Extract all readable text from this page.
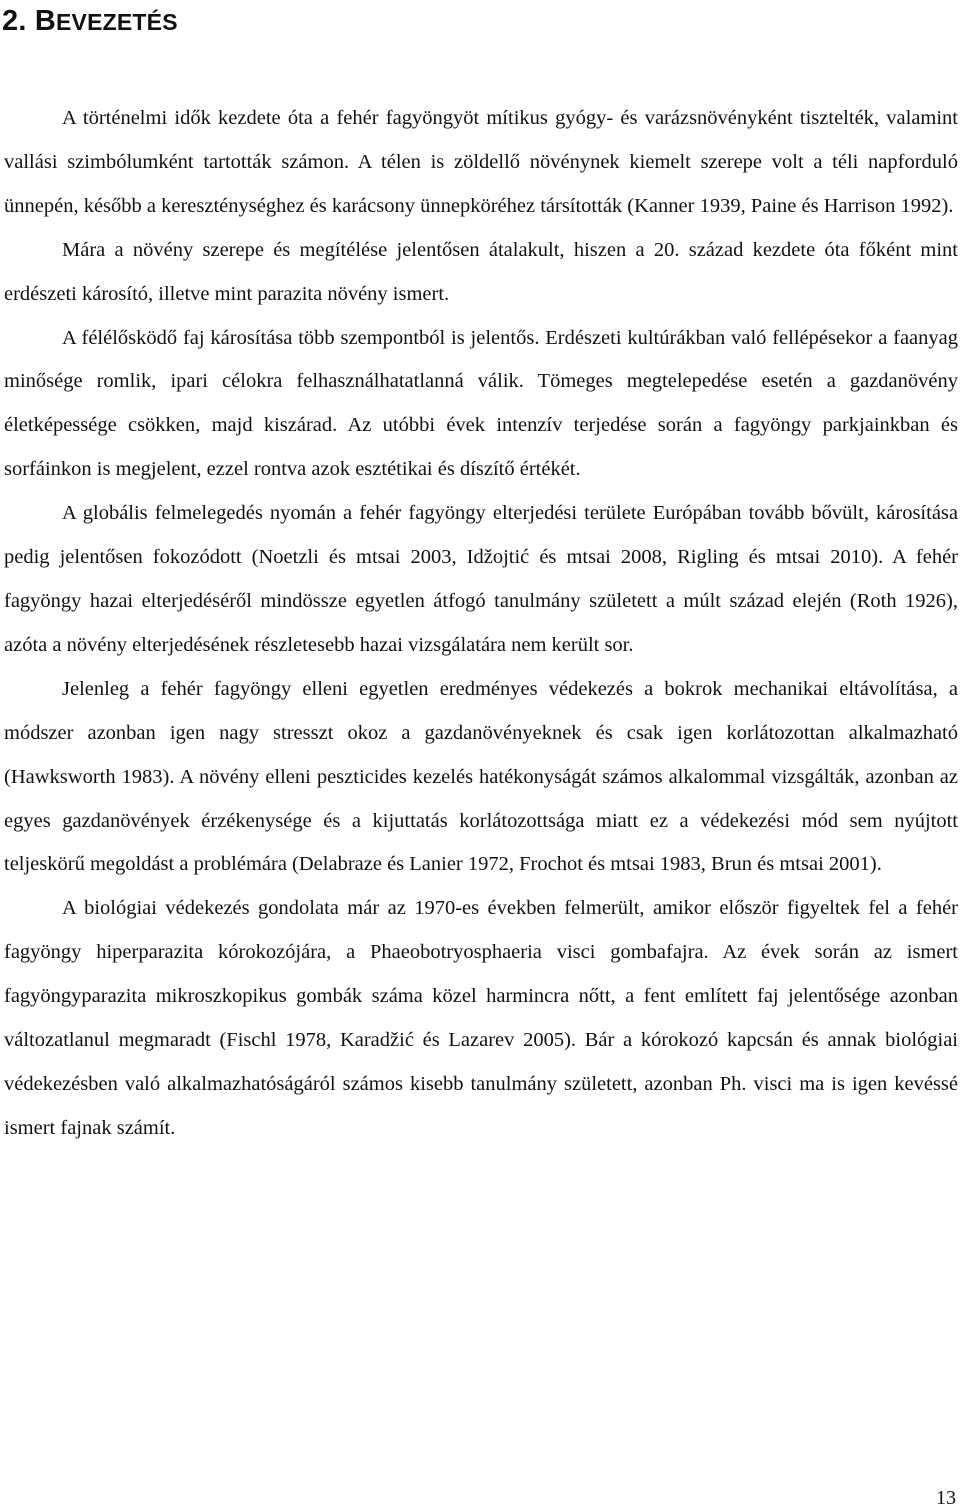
2. BEVEZETÉS

A történelmi idők kezdete óta a fehér fagyöngyöt mítikus gyógy- és varázsnövényként tisztelték, valamint vallási szimbólumként tartották számon. A télen is zöldellő növénynek kiemelt szerepe volt a téli napforduló ünnepén, később a kereszténységhez és karácsony ünnepköréhez társították (Kanner 1939, Paine és Harrison 1992).

Mára a növény szerepe és megítélése jelentősen átalakult, hiszen a 20. század kezdete óta főként mint erdészeti károsító, illetve mint parazita növény ismert.

A félélősködő faj károsítása több szempontból is jelentős. Erdészeti kultúrákban való fellépésekor a faanyag minősége romlik, ipari célokra felhasználhatatlanná válik. Tömeges megtelepedése esetén a gazdanövény életképessége csökken, majd kiszárad. Az utóbbi évek intenzív terjedése során a fagyöngy parkjainkban és sorfáinkon is megjelent, ezzel rontva azok esztétikai és díszítő értékét.

A globális felmelegedés nyomán a fehér fagyöngy elterjedési területe Európában tovább bővült, károsítása pedig jelentősen fokozódott (Noetzli és mtsai 2003, Idžojtić és mtsai 2008, Rigling és mtsai 2010). A fehér fagyöngy hazai elterjedéséről mindössze egyetlen átfogó tanulmány született a múlt század elején (Roth 1926), azóta a növény elterjedésének részletesebb hazai vizsgálatára nem került sor.

Jelenleg a fehér fagyöngy elleni egyetlen eredményes védekezés a bokrok mechanikai eltávolítása, a módszer azonban igen nagy stresszt okoz a gazdanövényeknek és csak igen korlátozottan alkalmazható (Hawksworth 1983). A növény elleni peszticides kezelés hatékonyságát számos alkalommal vizsgálták, azonban az egyes gazdanövények érzékenysége és a kijuttatás korlátozottsága miatt ez a védekezési mód sem nyújtott teljeskörű megoldást a problémára (Delabraze és Lanier 1972, Frochot és mtsai 1983, Brun és mtsai 2001).

A biológiai védekezés gondolata már az 1970-es években felmerült, amikor először figyeltek fel a fehér fagyöngy hiperparazita kórokozójára, a Phaeobotryosphaeria visci gombafajra. Az évek során az ismert fagyöngyparazita mikroszkopikus gombák száma közel harmincra nőtt, a fent említett faj jelentősége azonban változatlanul megmaradt (Fischl 1978, Karadžić és Lazarev 2005). Bár a kórokozó kapcsán és annak biológiai védekezésben való alkalmazhatóságáról számos kisebb tanulmány született, azonban Ph. visci ma is igen kevéssé ismert fajnak számít.

13
